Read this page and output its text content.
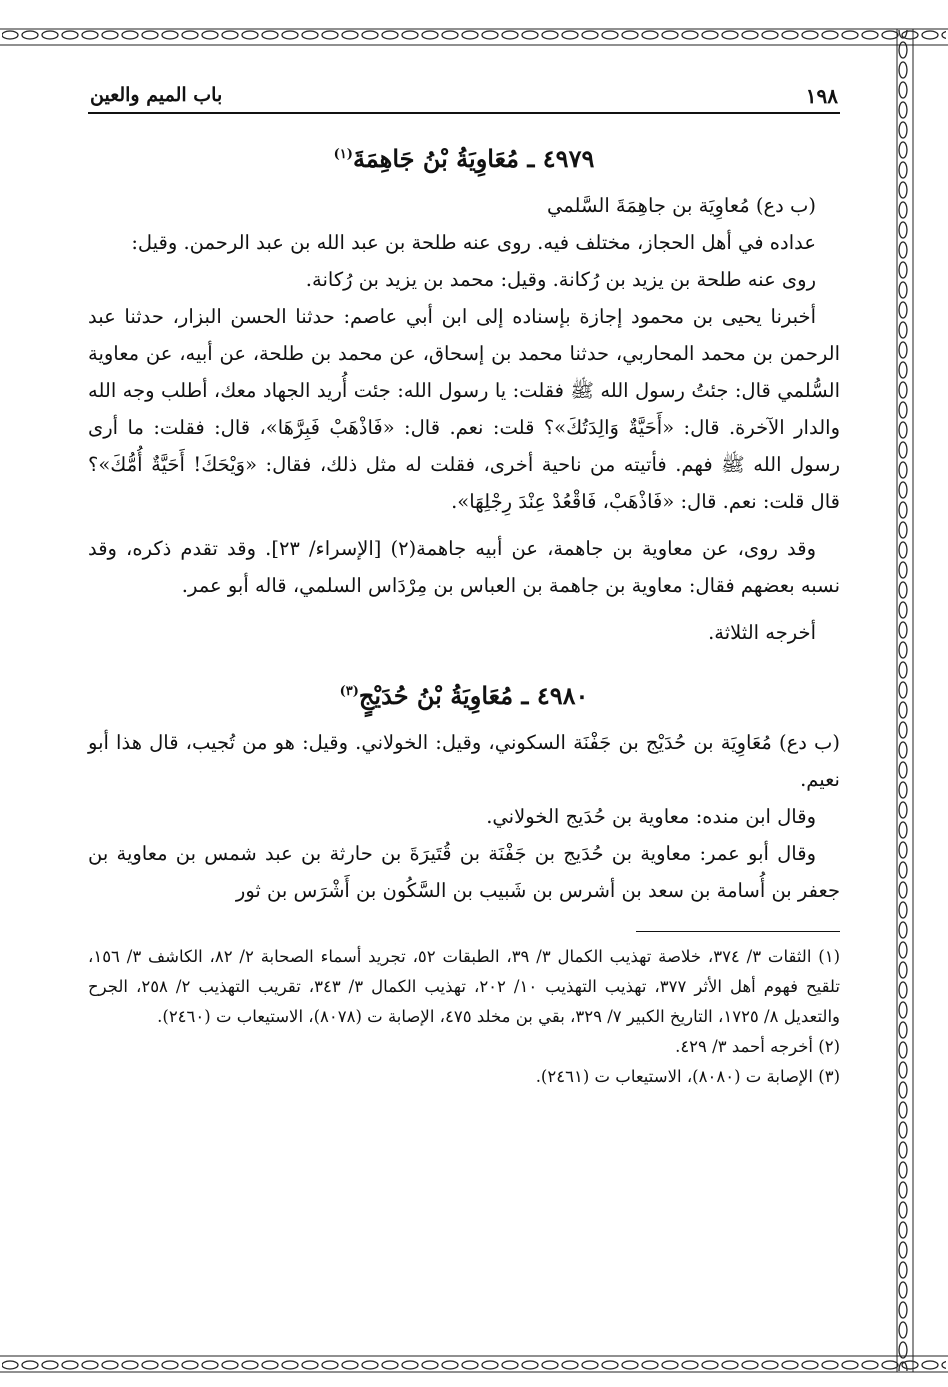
١٩٨
باب الميم والعين
٤٩٧٩ ـ مُعَاوِيَةُ بْنُ جَاهِمَةَ$^{(١)}$

(ب دع) مُعاوِيَة بن جاهِمَةَ السَّلمي

عداده في أهل الحجاز، مختلف فيه. روى عنه طلحة بن عبد الله بن عبد الرحمن. وقيل:

روى عنه طلحة بن يزيد بن رُكانة. وقيل: محمد بن يزيد بن رُكانة.

أخبرنا يحيى بن محمود إجازة بإسناده إلى ابن أبي عاصم: حدثنا الحسن البزار، حدثنا عبد الرحمن بن محمد المحاربي، حدثنا محمد بن إسحاق، عن محمد بن طلحة، عن أبيه، عن معاوية السُّلمي قال: جئتُ رسول الله ﷺ فقلت: يا رسول الله: جئت أُريد الجهاد معك، أطلب وجه الله والدار الآخرة. قال: «أَحَيَّةٌ وَالِدَتُكَ»؟ قلت: نعم. قال: «فَاذْهَبْ فَبِرَّهَا»، قال: فقلت: ما أرى رسول الله ﷺ فهم. فأتيته من ناحية أخرى، فقلت له مثل ذلك، فقال: «وَيْحَكَ! أَحَيَّةٌ أُمُّكَ»؟ قال قلت: نعم. قال: «فَاذْهَبْ، فَاقْعُدْ عِنْدَ رِجْلِهَا».

وقد روى، عن معاوية بن جاهمة، عن أبيه جاهمة(٢) [الإسراء/ ٢٣]. وقد تقدم ذكره، وقد نسبه بعضهم فقال: معاوية بن جاهمة بن العباس بن مِرْدَاس السلمي، قاله أبو عمر.

أخرجه الثلاثة.

٤٩٨٠ ـ مُعَاوِيَةُ بْنُ حُدَيْجٍ$^{(٣)}$

(ب دع) مُعَاوِيَة بن حُدَيْج بن جَفْنَة السكوني، وقيل: الخولاني. وقيل: هو من تُجيب، قال هذا أبو نعيم.

وقال ابن منده: معاوية بن حُدَيج الخولاني.

وقال أبو عمر: معاوية بن حُدَيج بن جَفْنَة بن قُتَيرَةَ بن حارثة بن عبد شمس بن معاوية بن جعفر بن أُسامة بن سعد بن أشرس بن شَبيب بن السَّكُون بن أَشْرَس بن ثور

(١) الثقات ٣/ ٣٧٤، خلاصة تهذيب الكمال ٣/ ٣٩، الطبقات ٥٢، تجريد أسماء الصحابة ٢/ ٨٢، الكاشف ٣/ ١٥٦، تلقيح فهوم أهل الأثر ٣٧٧، تهذيب التهذيب ١٠/ ٢٠٢، تهذيب الكمال ٣/ ٣٤٣، تقريب التهذيب ٢/ ٢٥٨، الجرح والتعديل ٨/ ١٧٢٥، التاريخ الكبير ٧/ ٣٢٩، بقي بن مخلد ٤٧٥، الإصابة ت (٨٠٧٨)، الاستيعاب ت (٢٤٦٠).
(٢) أخرجه أحمد ٣/ ٤٢٩.
(٣) الإصابة ت (٨٠٨٠)، الاستيعاب ت (٢٤٦١).
